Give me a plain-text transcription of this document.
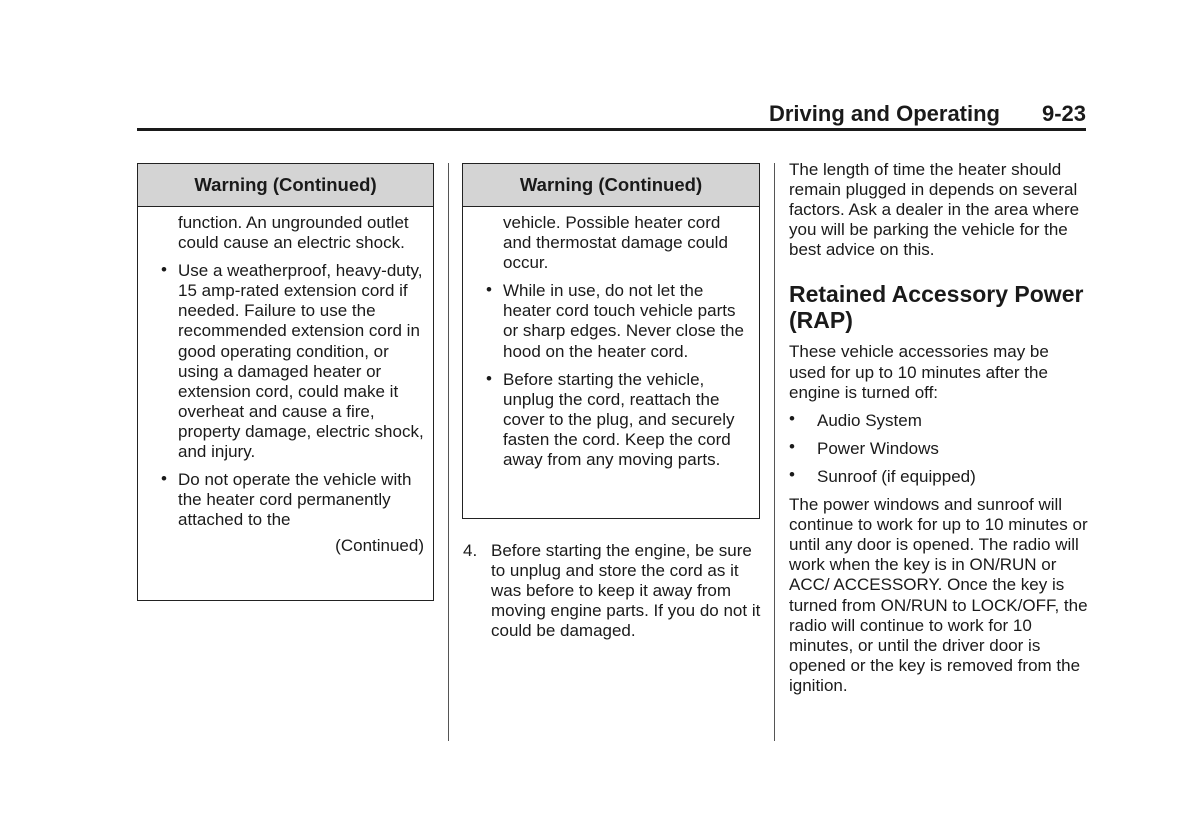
Driving and Operating 9-23
Warning (Continued)
function. An ungrounded outlet could cause an electric shock.
• Use a weatherproof, heavy-duty, 15 amp-rated extension cord if needed. Failure to use the recommended extension cord in good operating condition, or using a damaged heater or extension cord, could make it overheat and cause a fire, property damage, electric shock, and injury.
• Do not operate the vehicle with the heater cord permanently attached to the
(Continued)
Warning (Continued)
vehicle. Possible heater cord and thermostat damage could occur.
• While in use, do not let the heater cord touch vehicle parts or sharp edges. Never close the hood on the heater cord.
• Before starting the vehicle, unplug the cord, reattach the cover to the plug, and securely fasten the cord. Keep the cord away from any moving parts.
4. Before starting the engine, be sure to unplug and store the cord as it was before to keep it away from moving engine parts. If you do not it could be damaged.

The length of time the heater should remain plugged in depends on several factors. Ask a dealer in the area where you will be parking the vehicle for the best advice on this.

Retained Accessory Power (RAP)

These vehicle accessories may be used for up to 10 minutes after the engine is turned off:

• Audio System
• Power Windows
• Sunroof (if equipped)

The power windows and sunroof will continue to work for up to 10 minutes or until any door is opened. The radio will work when the key is in ON/RUN or ACC/ ACCESSORY. Once the key is turned from ON/RUN to LOCK/OFF, the radio will continue to work for 10 minutes, or until the driver door is opened or the key is removed from the ignition.
